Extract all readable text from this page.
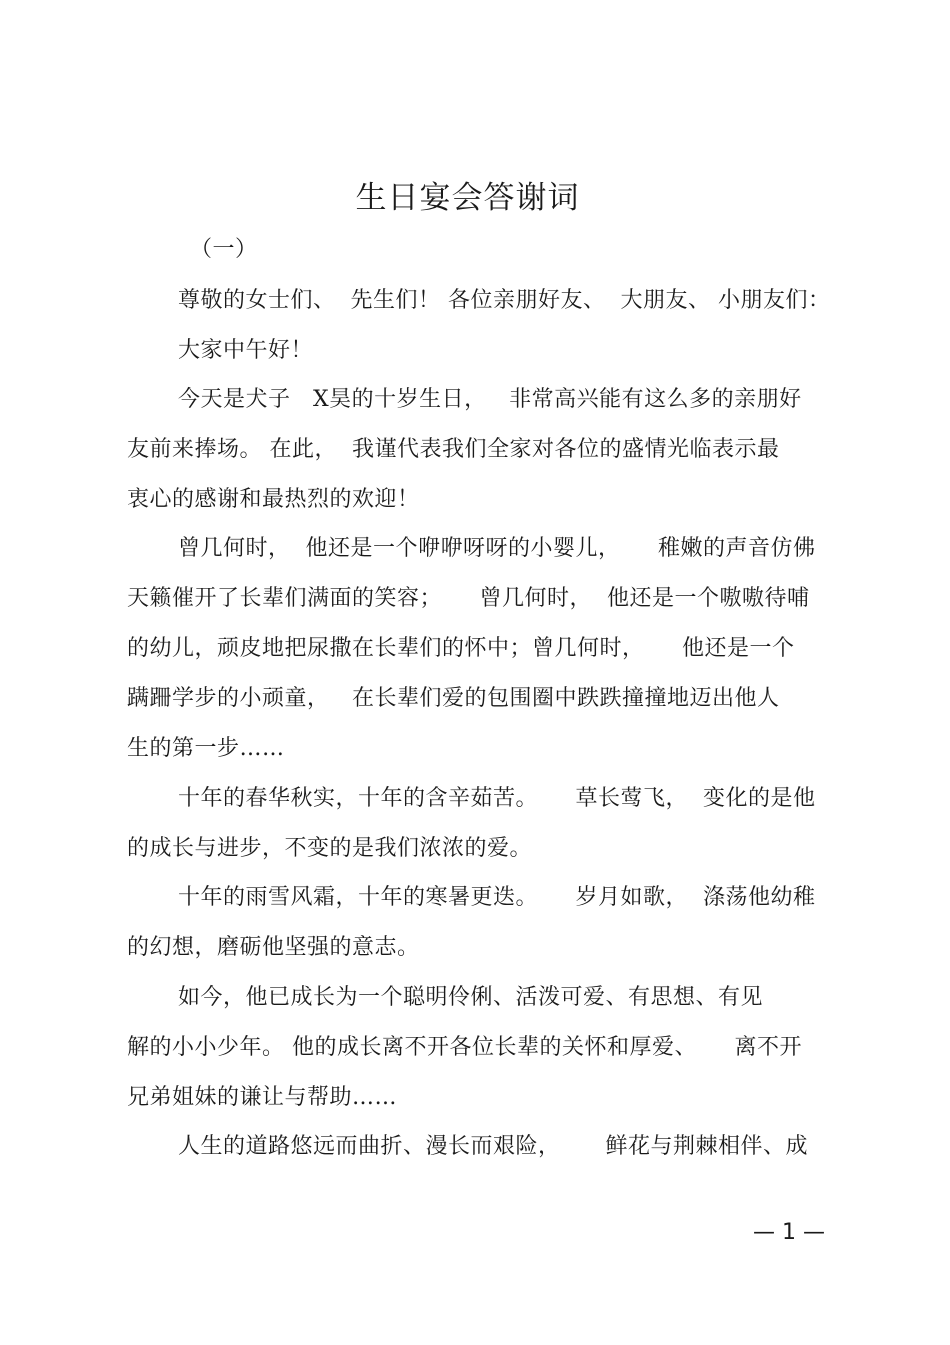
生日宴会答谢词
（一）
尊敬的女士们、  先生们！ 各位亲朋好友、  大朋友、 小朋友们：
大家中午好！
今天是犬子   X昊的十岁生日，   非常高兴能有这么多的亲朋好
友前来捧场。 在此，  我谨代表我们全家对各位的盛情光临表示最
衷心的感谢和最热烈的欢迎！
曾几何时，  他还是一个咿咿呀呀的小婴儿，     稚嫩的声音仿佛
天籁催开了长辈们满面的笑容；     曾几何时，  他还是一个嗷嗷待哺
的幼儿，顽皮地把尿撒在长辈们的怀中；曾几何时，     他还是一个
蹒跚学步的小顽童，   在长辈们爱的包围圈中跌跌撞撞地迈出他人
生的第一步……
十年的春华秋实，十年的含辛茹苦。     草长莺飞，  变化的是他
的成长与进步，不变的是我们浓浓的爱。
十年的雨雪风霜，十年的寒暑更迭。     岁月如歌，  涤荡他幼稚
的幻想，磨砺他坚强的意志。
如今，他已成长为一个聪明伶俐、活泼可爱、有思想、有见
解的小小少年。 他的成长离不开各位长辈的关怀和厚爱、     离不开
兄弟姐妹的谦让与帮助……
人生的道路悠远而曲折、漫长而艰险，      鲜花与荆棘相伴、成
— 1 —
